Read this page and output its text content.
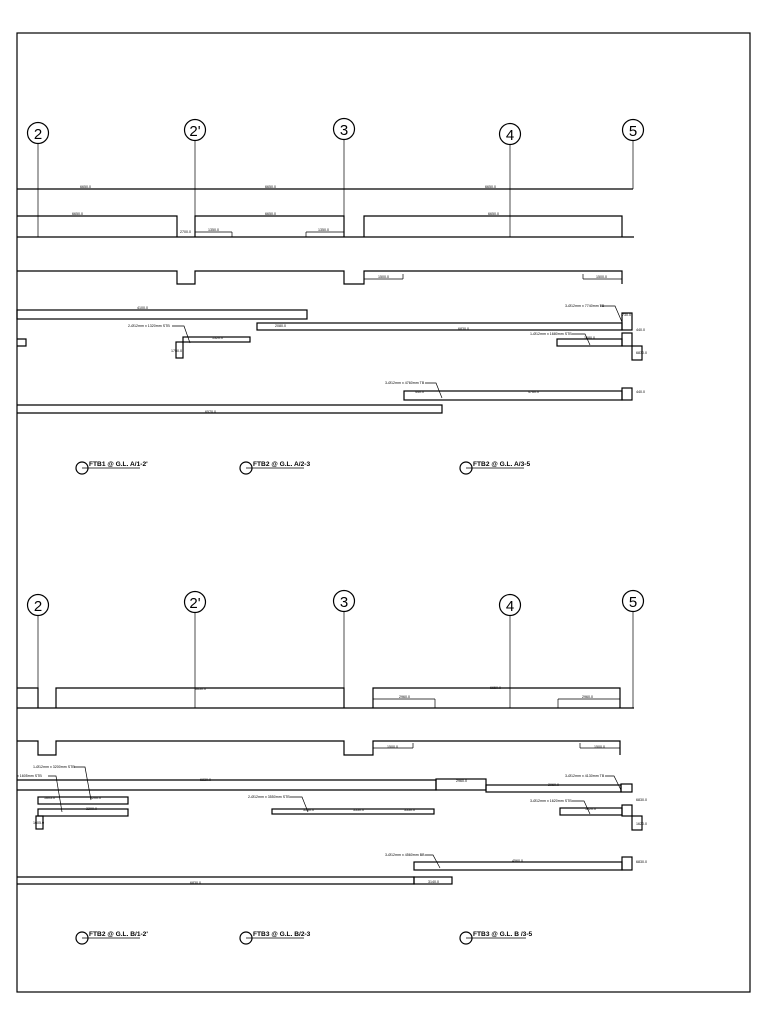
2	2'	3	4	5
6650.0	6650.0	6650.0
6650.0	6650.0	6650.0
1350.0	1350.0
2700.0
1500.0	1500.0
4100.0
6830.0
2080.0
730.0
440.0
3-Ø12mm x 7740mm TB
2-Ø12mm x 1320mm STB
1320.0
1750.0
1-Ø12mm x 1680mm STB
1680.0
6830.0
3-Ø12mm x 4760mm TB
440.0	4760.0	440.0
6570.0
FTB1 @ G.L. A/1-2'	FTB2 @ G.L. A/2-3	FTB2 @ G.L. A/3-5
2	2'	3	4	5
6650.0	6650.0
2960.0	2960.0
1500.0	1500.0
6830.0	2960.0
2960.0
6830.0
1-Ø12mm x 3200mm STB
x 1605mm STB
1605.0	3200.0
3200.0
1605.0
2-Ø12mm x 3550mm STB
3550.0	3550.0	3550.0
3-Ø12mm x 4130mm TB
3-Ø12mm x 1620mm STB
1620.0
1620.0
3-Ø12mm x 4560mm BB
4560.0	6830.0
6830.0	3140.0
FTB2 @ G.L. B/1-2'	FTB3 @ G.L. B/2-3	FTB3 @ G.L. B /3-5
